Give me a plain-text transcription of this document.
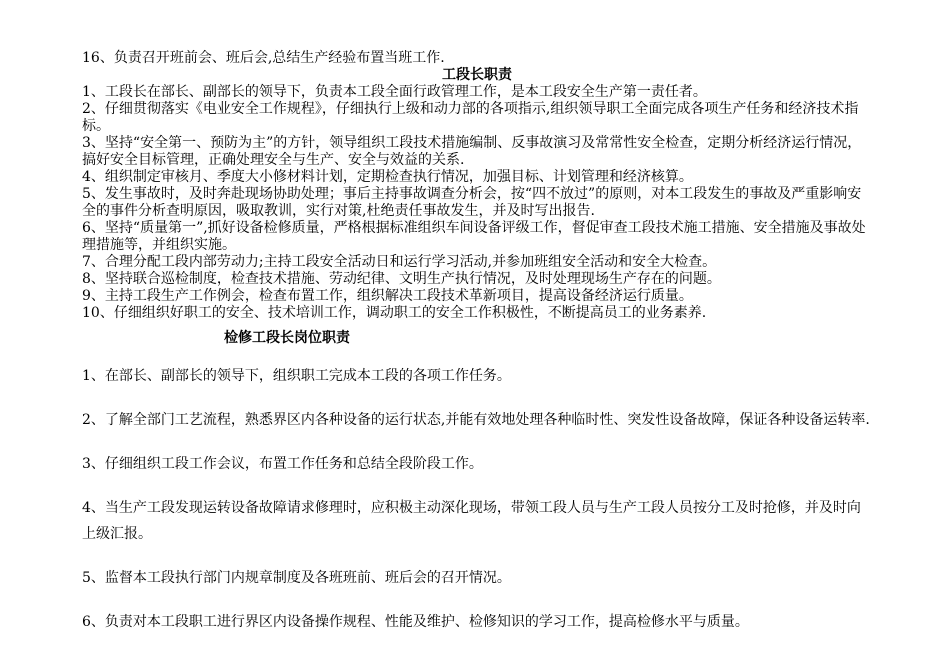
16、负责召开班前会、班后会,总结生产经验布置当班工作.

工段长职责

1、工段长在部长、副部长的领导下，负责本工段全面行政管理工作，是本工段安全生产第一责任者。

2、仔细贯彻落实《电业安全工作规程》，仔细执行上级和动力部的各项指示,组织领导职工全面完成各项生产任务和经济技术指标。

3、坚持“安全第一、预防为主”的方针，领导组织工段技术措施编制、反事故演习及常常性安全检查，定期分析经济运行情况，搞好安全目标管理，正确处理安全与生产、安全与效益的关系.

4、组织制定审核月、季度大小修材料计划，定期检查执行情况，加强目标、计划管理和经济核算。

5、发生事故时，及时奔赴现场协助处理；事后主持事故调查分析会，按“四不放过”的原则，对本工段发生的事故及严重影响安全的事件分析查明原因，吸取教训，实行对策,杜绝责任事故发生，并及时写出报告.

6、坚持“质量第一”,抓好设备检修质量，严格根据标准组织车间设备评级工作，督促审查工段技术施工措施、安全措施及事故处理措施等，并组织实施。

7、合理分配工段内部劳动力;主持工段安全活动日和运行学习活动,并参加班组安全活动和安全大检查。

8、坚持联合巡检制度，检查技术措施、劳动纪律、文明生产执行情况，及时处理现场生产存在的问题。

9、主持工段生产工作例会，检查布置工作，组织解决工段技术革新项目，提高设备经济运行质量。

10、仔细组织好职工的安全、技术培训工作，调动职工的安全工作积极性，不断提高员工的业务素养.

检修工段长岗位职责

1、在部长、副部长的领导下，组织职工完成本工段的各项工作任务。

2、了解全部门工艺流程，熟悉界区内各种设备的运行状态,并能有效地处理各种临时性、突发性设备故障，保证各种设备运转率.

3、仔细组织工段工作会议，布置工作任务和总结全段阶段工作。

4、当生产工段发现运转设备故障请求修理时，应积极主动深化现场，带领工段人员与生产工段人员按分工及时抢修，并及时向上级汇报。

5、监督本工段执行部门内规章制度及各班班前、班后会的召开情况。

6、负责对本工段职工进行界区内设备操作规程、性能及维护、检修知识的学习工作，提高检修水平与质量。
